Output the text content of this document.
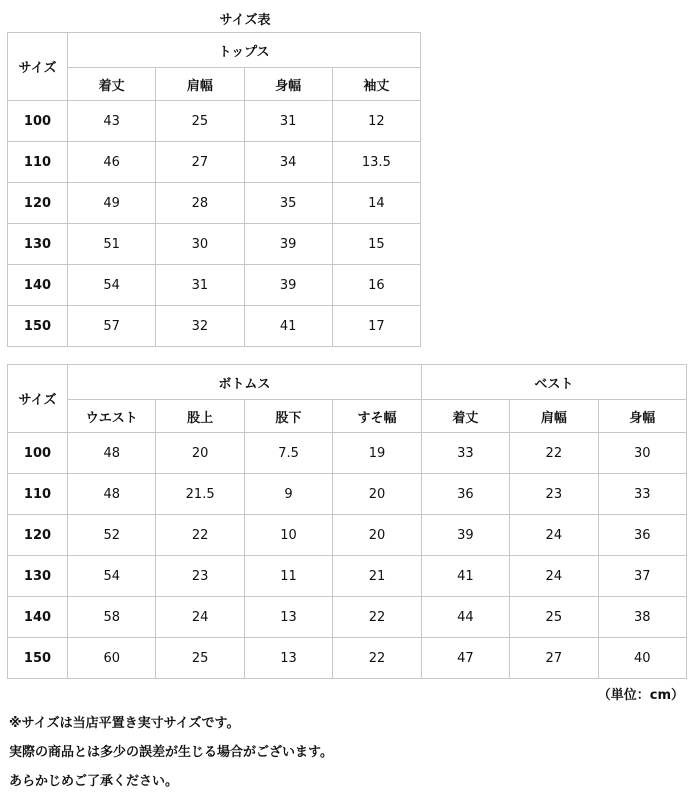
サイズ表
サイズ	トップス			
	着丈	肩幅	身幅	袖丈
100	43	25	31	12
110	46	27	34	13.5
120	49	28	35	14
130	51	30	39	15
140	54	31	39	16
150	57	32	41	17
サイズ	ボトムス				ベスト		
	ウエスト	股上	股下	すそ幅	着丈	肩幅	身幅
100	48	20	7.5	19	33	22	30
110	48	21.5	9	20	36	23	33
120	52	22	10	20	39	24	36
130	54	23	11	21	41	24	37
140	58	24	13	22	44	25	38
150	60	25	13	22	47	27	40
（単位：cm）
※サイズは当店平置き実寸サイズです。
実際の商品とは多少の誤差が生じる場合がございます。
あらかじめご了承ください。
